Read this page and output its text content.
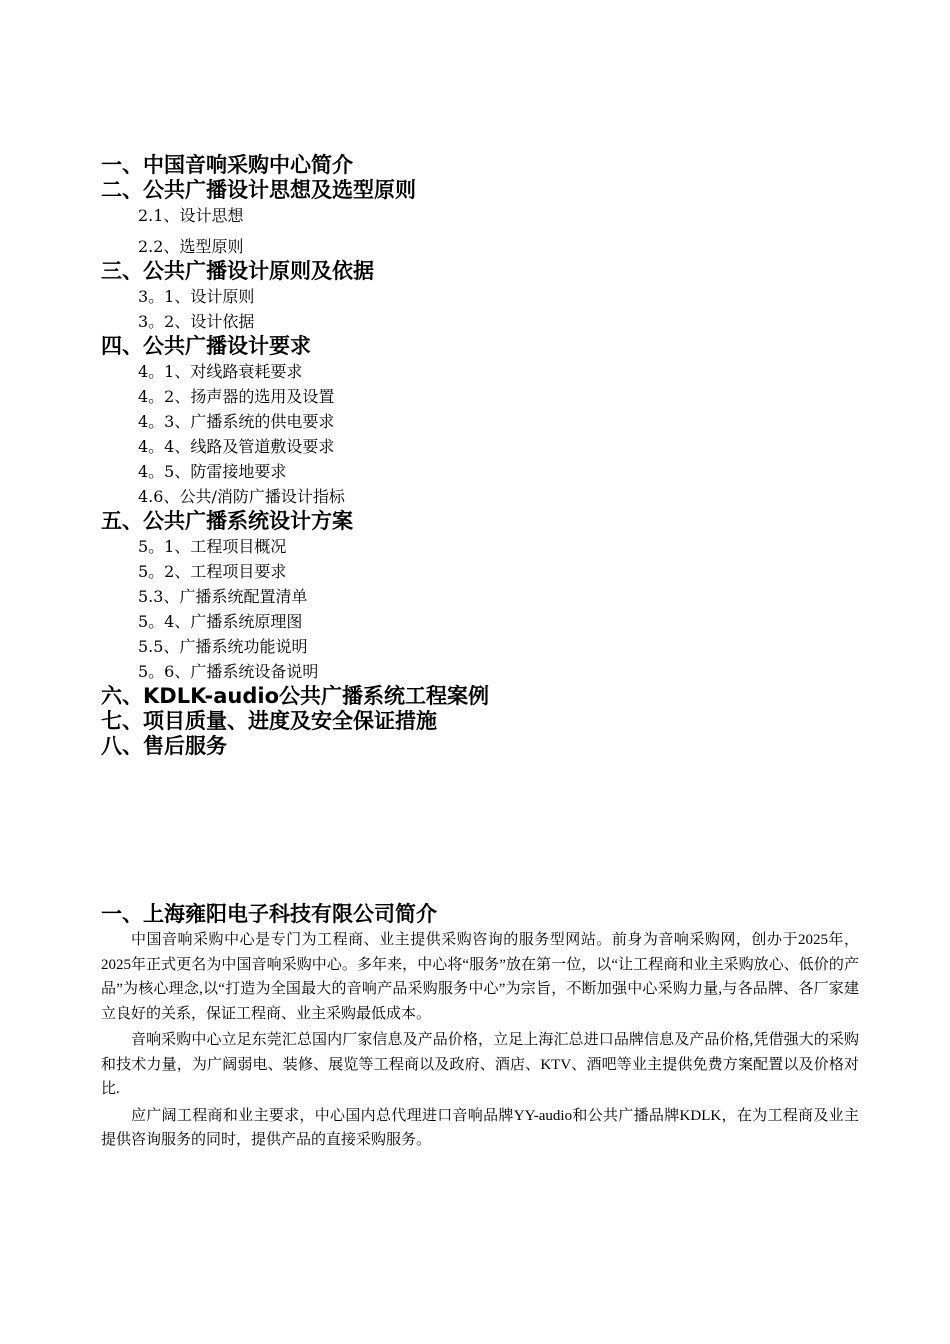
一、中国音响采购中心简介
二、公共广播设计思想及选型原则
2.1、设计思想
2.2、选型原则
三、公共广播设计原则及依据
3。1、设计原则
3。2、设计依据
四、公共广播设计要求
4。1、对线路衰耗要求
4。2、扬声器的选用及设置
4。3、广播系统的供电要求
4。4、线路及管道敷设要求
4。5、防雷接地要求
4.6、公共/消防广播设计指标
五、公共广播系统设计方案
5。1、工程项目概况
5。2、工程项目要求
5.3、广播系统配置清单
5。4、广播系统原理图
5.5、广播系统功能说明
5。6、广播系统设备说明
六、KDLK-audio公共广播系统工程案例
七、项目质量、进度及安全保证措施
八、售后服务
一、上海雍阳电子科技有限公司简介

中国音响采购中心是专门为工程商、业主提供采购咨询的服务型网站。前身为音响采购网，创办于2025年，2025年正式更名为中国音响采购中心。多年来，中心将“服务”放在第一位，以“让工程商和业主采购放心、低价的产品”为核心理念,以“打造为全国最大的音响产品采购服务中心”为宗旨，不断加强中心采购力量,与各品牌、各厂家建立良好的关系，保证工程商、业主采购最低成本。

音响采购中心立足东莞汇总国内厂家信息及产品价格，立足上海汇总进口品牌信息及产品价格,凭借强大的采购和技术力量，为广阔弱电、装修、展览等工程商以及政府、酒店、KTV、酒吧等业主提供免费方案配置以及价格对比.

应广阔工程商和业主要求，中心国内总代理进口音响品牌YY-audio和公共广播品牌KDLK，在为工程商及业主提供咨询服务的同时，提供产品的直接采购服务。
